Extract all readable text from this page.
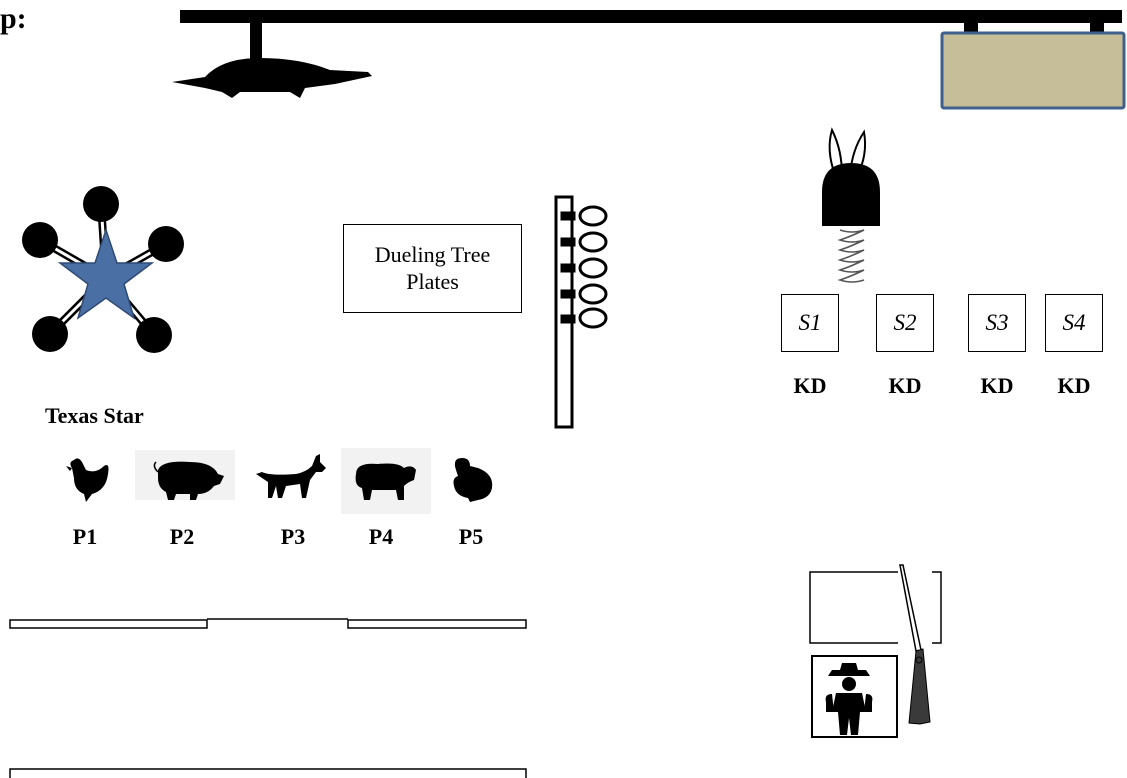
p:
Texas Star
Dueling Tree Plates
S1	S2	S3	S4
KD	KD	KD	KD
P1	P2	P3	P4	P5
